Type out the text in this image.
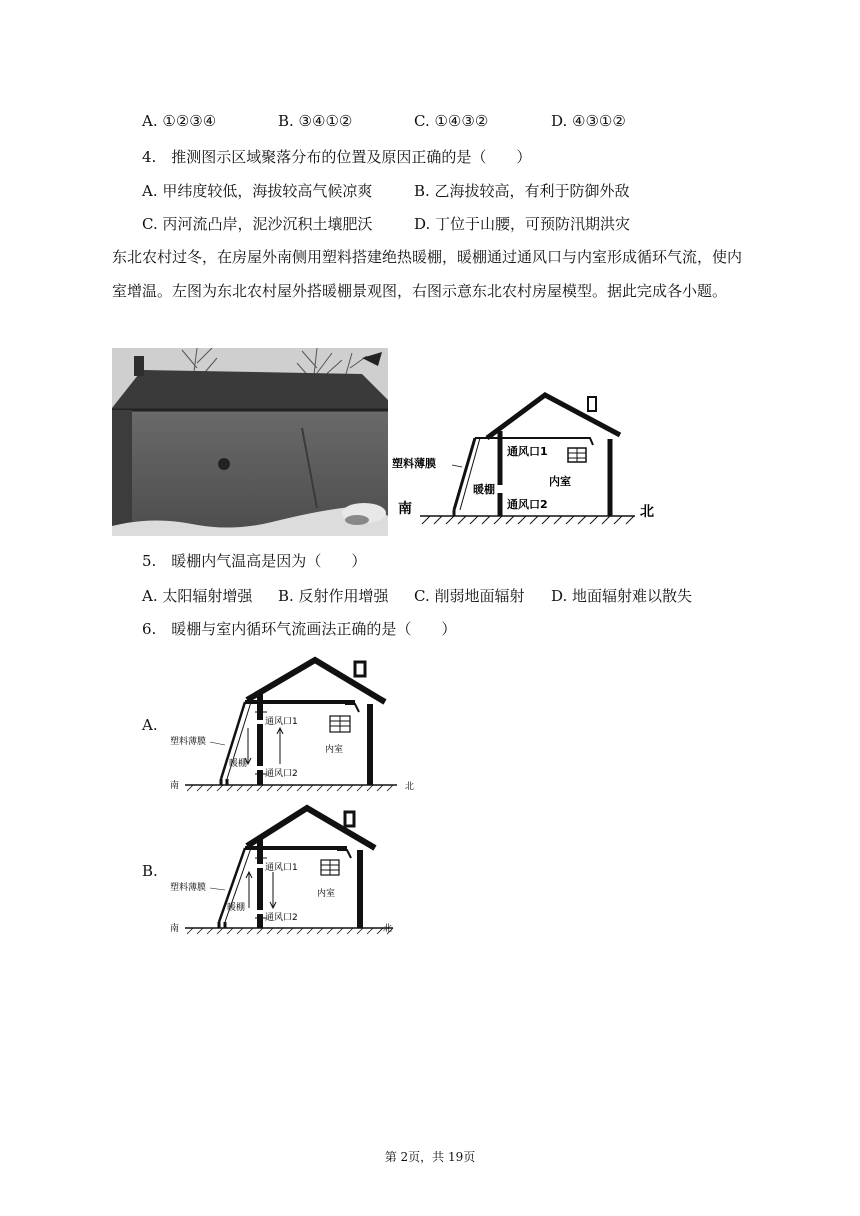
A. ①②③④	B. ③④①②	C. ①④③②	D. ④③①②
4.　推测图示区域聚落分布的位置及原因正确的是（　　）
A. 甲纬度较低，海拔较高气候凉爽	B. 乙海拔较高，有利于防御外敌
C. 丙河流凸岸，泥沙沉积土壤肥沃	D. 丁位于山腰，可预防汛期洪灾
东北农村过冬，在房屋外南侧用塑料搭建绝热暖棚，暖棚通过通风口与内室形成循环气流，使内室增温。左图为东北农村屋外搭暖棚景观图，右图示意东北农村房屋模型。据此完成各小题。
塑料薄膜
暖棚
通风口1
通风口2
内室
南	北
5.　暖棚内气温高是因为（　　）
A. 太阳辐射增强 B. 反射作用增强 C. 削弱地面辐射 D. 地面辐射难以散失
6.　暖棚与室内循环气流画法正确的是（　　）
A.
B.
塑料薄膜
暖棚
通风口1
通风口2
内室
南	北
塑料薄膜
暖棚
通风口1
通风口2
内室
南	北
第 2页，共 19页
